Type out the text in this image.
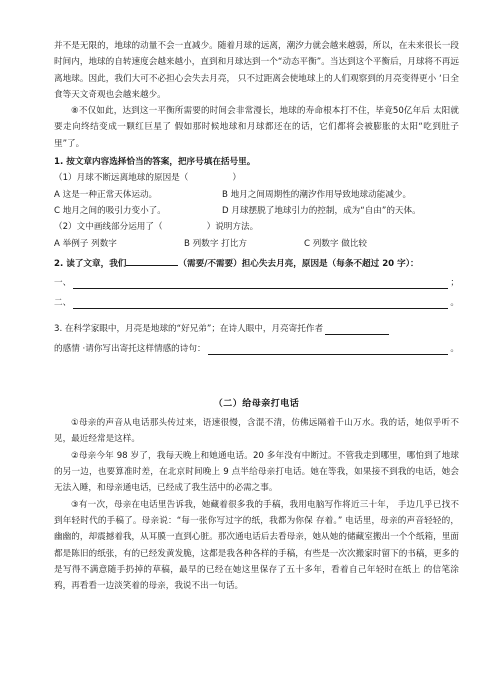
并不是无限的，地球的动量不会一直减少。随着月球的远离，潮汐力就会越来越弱，所以，在未来很长一段时间内，地球的自转速度会越来越小，直到和月球达到一个“动态平衡”。当达到这个平衡后，月球将不再远离地球。因此，我们大可不必担心会失去月亮， 只不过距离会使地球上的人们观察到的月亮变得更小 ‘日全食等天文奇观也会越来越少。

⑧不仅如此，达到这一平衡所需要的时间会非常漫长，地球的寿命根本打不住，毕竟50亿年后 太阳就要走向终结变成一颗红巨星了 假如那时候地球和月球都还在的话，它们都将会被膨胀的太阳“吃到肚子里”了。

1. 按文章内容选择恰当的答案，把序号填在括号里。

（1）月球不断远离地球的原因是（	）
A 这是一种正常天体运动。	B 地月之间周期性的潮汐作用导致地球动能减少。
C 地月之间的吸引力变小了。	D 月球摆脱了地球引力的控制，成为“自由”的天体。
（2）文中画线部分运用了（	）说明方法。
A 举例子 列数字	B 列数字 打比方	C 列数字 做比较
2. 读了文章，我们	（需要/不需要）担心失去月亮，原因是（每条不超过 20 字）：
一、	；
二、	。
3. 在科学家眼中，月亮是地球的“好兄弟”；在诗人眼中，月亮寄托作者
的感情 ·请你写出寄托这样情感的诗句：	。
（二）给母亲打电话

①母亲的声音从电话那头传过来，语速很慢，含混不清，仿佛远隔着千山万水。我的话，她似乎听不见，最近经常是这样。

②母亲今年 98 岁了，我每天晚上和她通电话。20 多年没有中断过。不管我走到哪里，哪怕到了地球的另一边，也要算准时差，在北京时间晚上 9 点半给母亲打电话。她在等我，如果接不到我的电话，她会无法入睡，和母亲通电话，已经成了我生活中的必需之事。

③有一次，母亲在电话里告诉我，她藏着很多我的手稿，我用电脑写作将近三十年， 手边几乎已找不到年轻时代的手稿了。母亲说：“每一张你写过字的纸，我都为你保 存着。” 电话里，母亲的声音轻轻的，幽幽的，却震撼着我，从耳膜一直到心脏。那次通电话后去看母亲，她从她的储藏室搬出一个个纸箱，里面都是陈旧的纸张，有的已经发黄发脆，这都是我各种各样的手稿，有些是一次次搬家时留下的书稿，更多的是写得不满意随手扔掉的草稿，最早的已经在她这里保存了五十多年，看着自己年轻时在纸上 的信笔涂鸦，再看看一边淡笑着的母亲，我说不出一句话。
